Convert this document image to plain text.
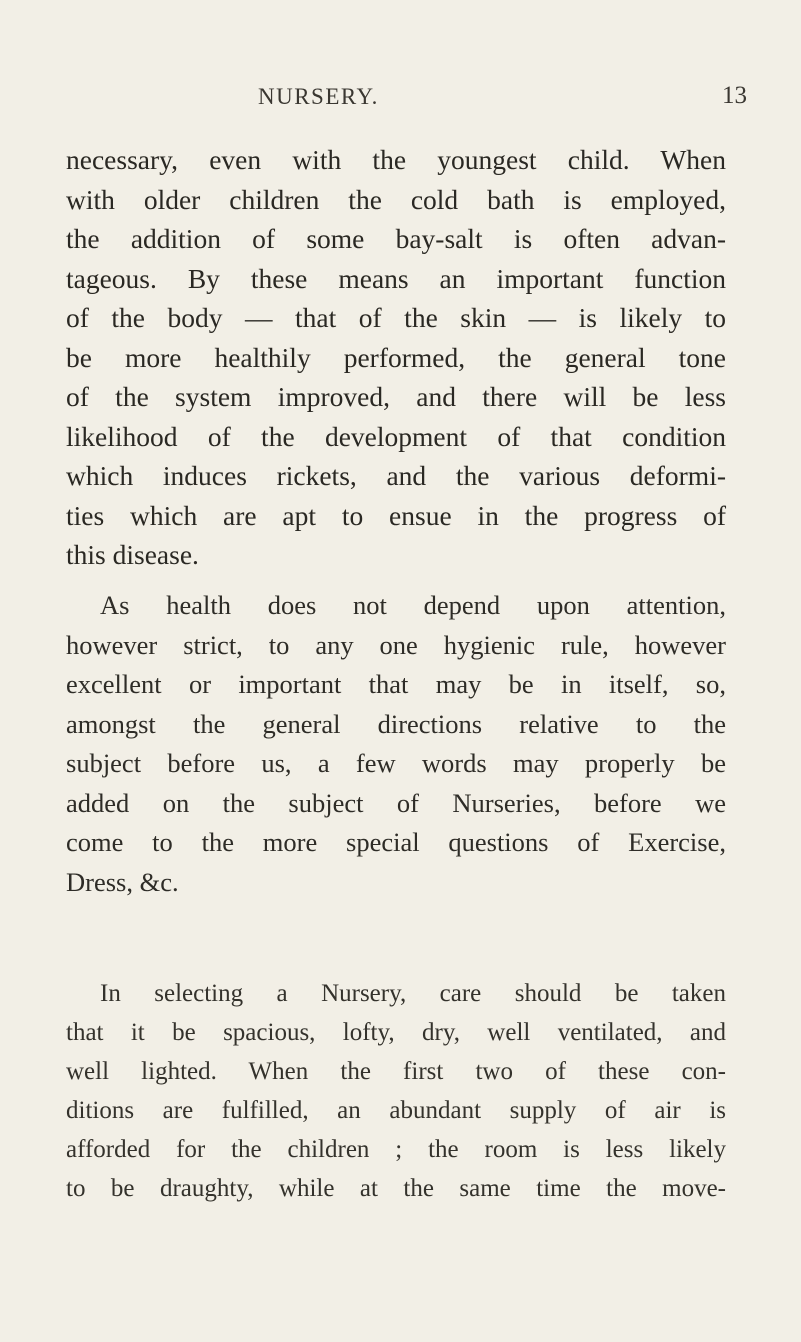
NURSERY.	13
necessary, even with the youngest child. When
with older children the cold bath is employed,
the addition of some bay-salt is often advan-
tageous. By these means an important function
of the body — that of the skin — is likely to
be more healthily performed, the general tone
of the system improved, and there will be less
likelihood of the development of that condition
which induces rickets, and the various deformi-
ties which are apt to ensue in the progress of
this disease.
As health does not depend upon attention,
however strict, to any one hygienic rule, however
excellent or important that may be in itself, so,
amongst the general directions relative to the
subject before us, a few words may properly be
added on the subject of Nurseries, before we
come to the more special questions of Exercise,
Dress, &c.
In selecting a Nursery, care should be taken
that it be spacious, lofty, dry, well ventilated, and
well lighted. When the first two of these con-
ditions are fulfilled, an abundant supply of air is
afforded for the children ; the room is less likely
to be draughty, while at the same time the move-
